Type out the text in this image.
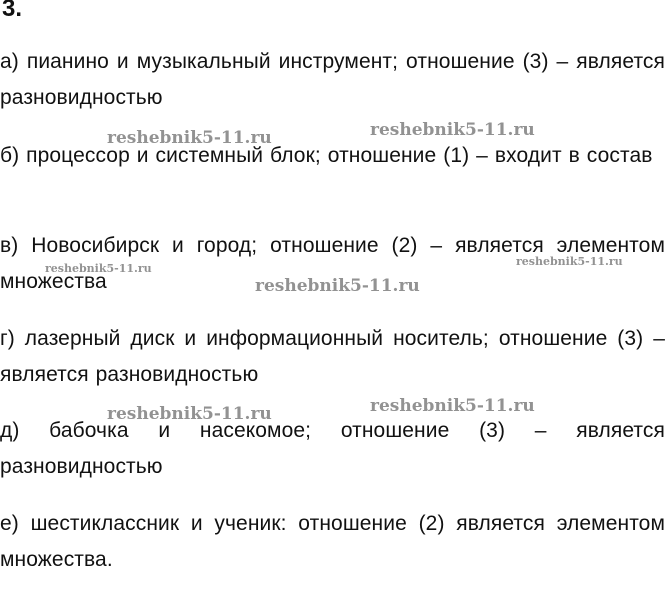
3.

а) пианино и музыкальный инструмент; отношение (3) – является разновидностью

б) процессор и системный блок; отношение (1) – входит в состав

в) Новосибирск и город; отношение (2) – является элементом множества

г) лазерный диск и информационный носитель; отношение (3) – является разновидностью

д) бабочка и насекомое; отношение (3) – является разновидностью

е) шестиклассник и ученик: отношение (2) является элементом множества.

reshebnik5-11.ru	reshebnik5-11.ru
reshebnik5-11.ru
reshebnik5-11.ru
reshebnik5-11.ru
reshebnik5-11.ru	reshebnik5-11.ru
